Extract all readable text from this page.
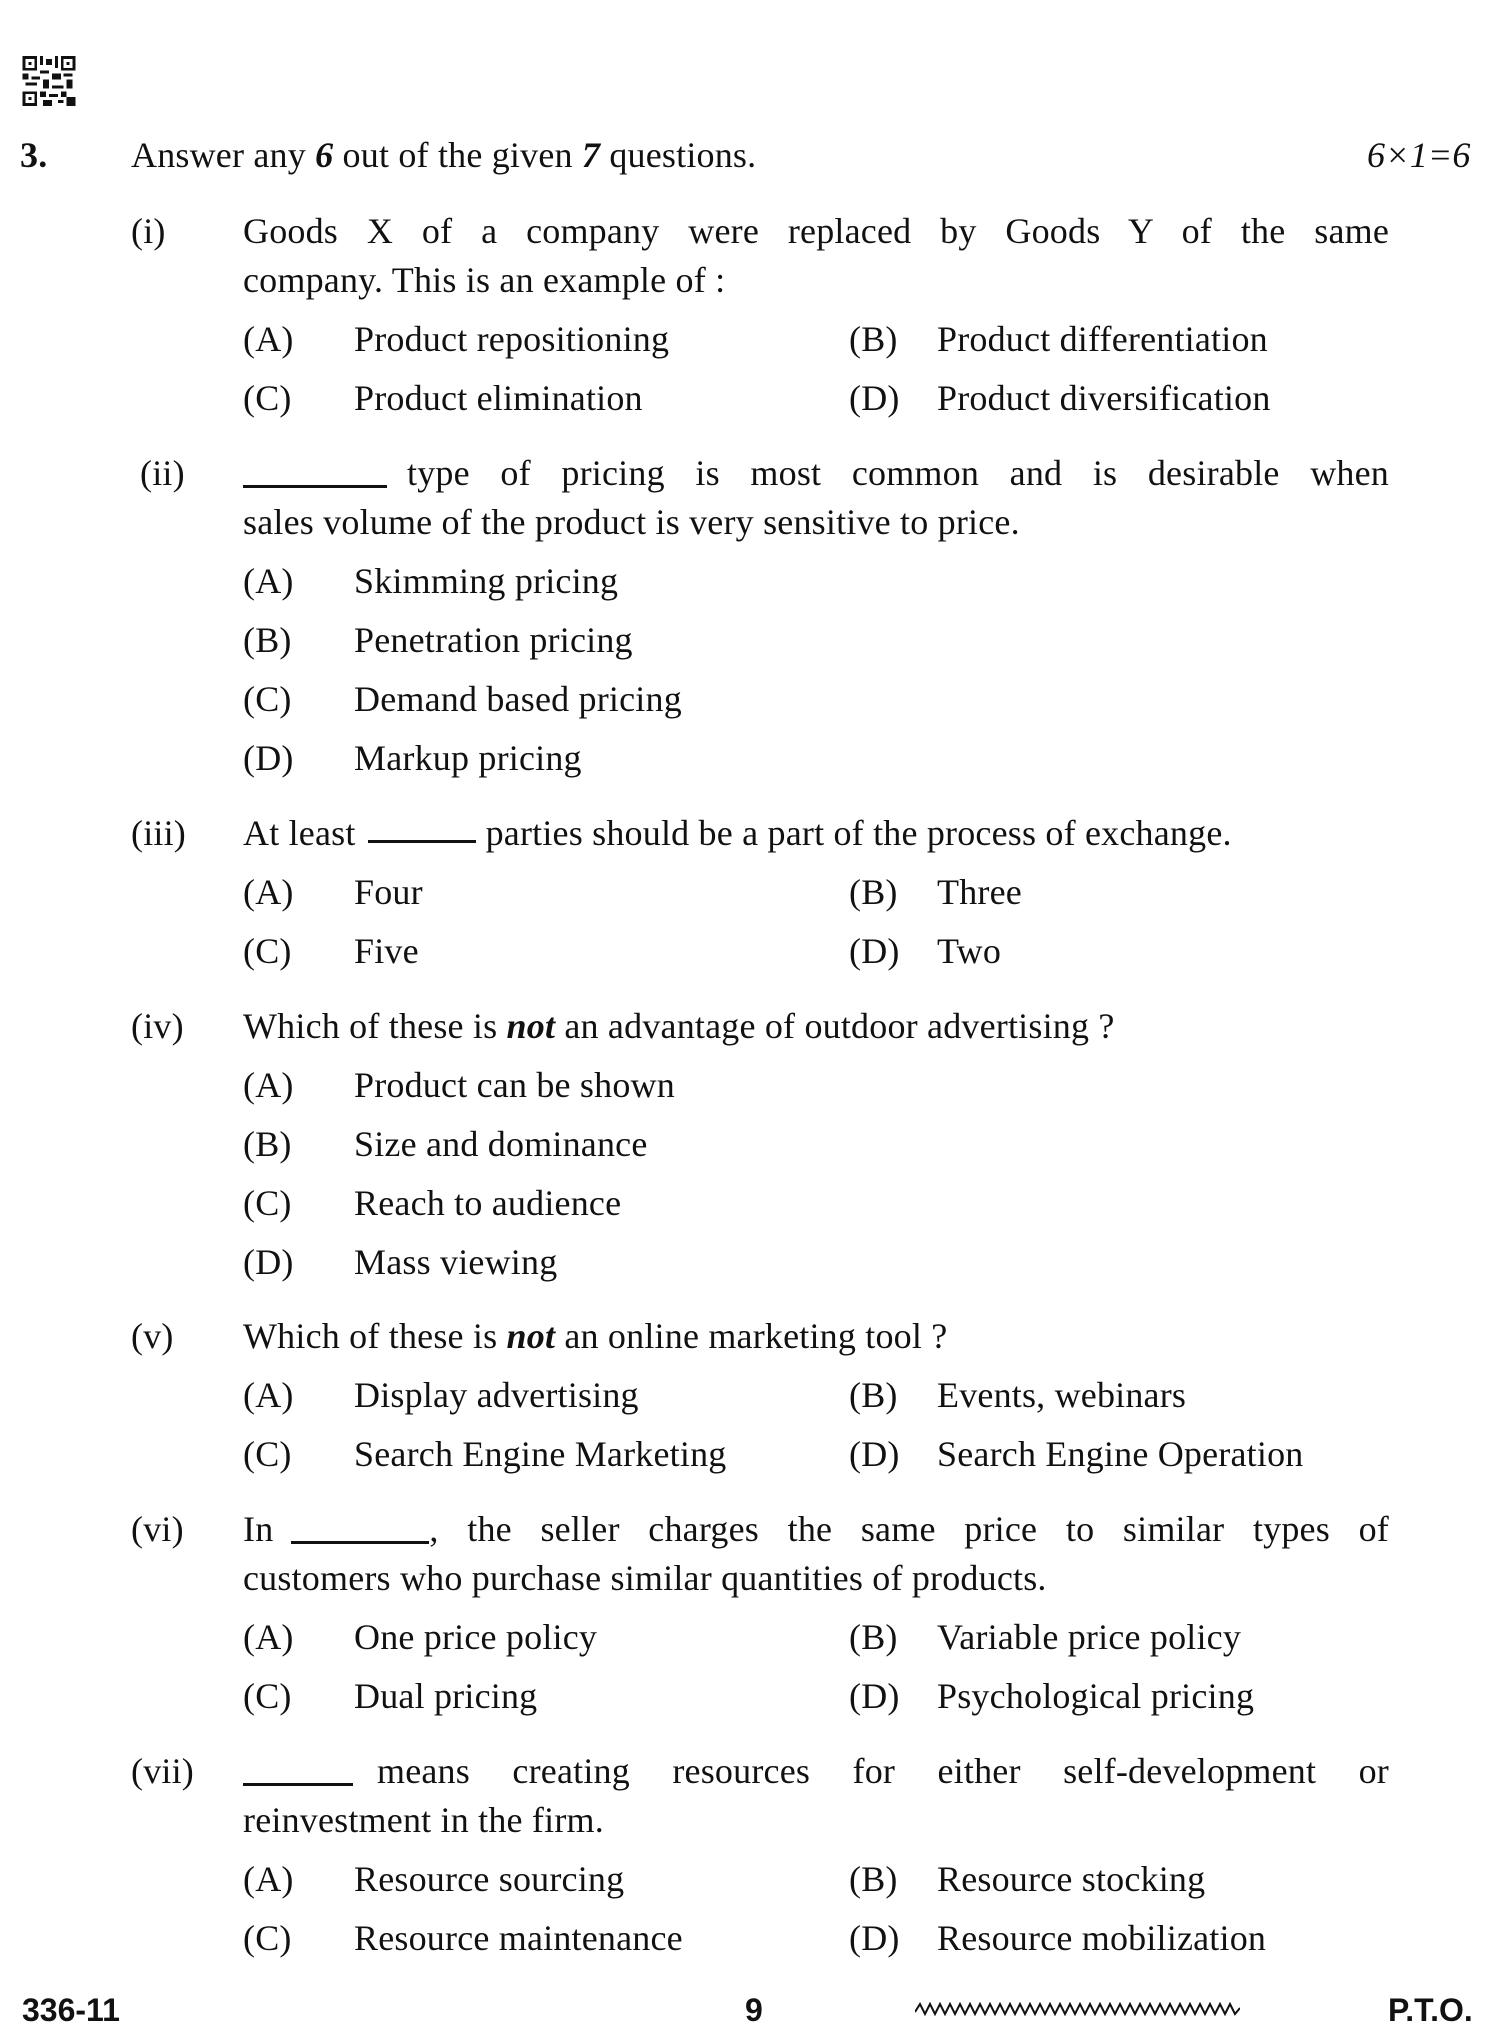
3. Answer any 6 out of the given 7 questions.	6×1=6
(i) Goods X of a company were replaced by Goods Y of the same
company. This is an example of :
(A) Product repositioning	(B) Product differentiation
(C) Product elimination	(D) Product diversification
(ii)	type of pricing is most common and is desirable when
sales volume of the product is very sensitive to price.
(A) Skimming pricing
(B) Penetration pricing
(C) Demand based pricing
(D) Markup pricing
(iii) At least	parties should be a part of the process of exchange.
(A) Four	(B) Three
(C) Five	(D) Two
(iv) Which of these is not an advantage of outdoor advertising ?
(A) Product can be shown
(B) Size and dominance
(C) Reach to audience
(D) Mass viewing
(v) Which of these is not an online marketing tool ?
(A) Display advertising	(B) Events, webinars
(C) Search Engine Marketing	(D) Search Engine Operation
(vi) In	, the seller charges the same price to similar types of
customers who purchase similar quantities of products.
(A) One price policy	(B) Variable price policy
(C) Dual pricing	(D) Psychological pricing
(vii)	means creating resources for either self-development or
reinvestment in the firm.
(A) Resource sourcing	(B) Resource stocking
(C) Resource maintenance	(D) Resource mobilization
336-11	9	P.T.O.
